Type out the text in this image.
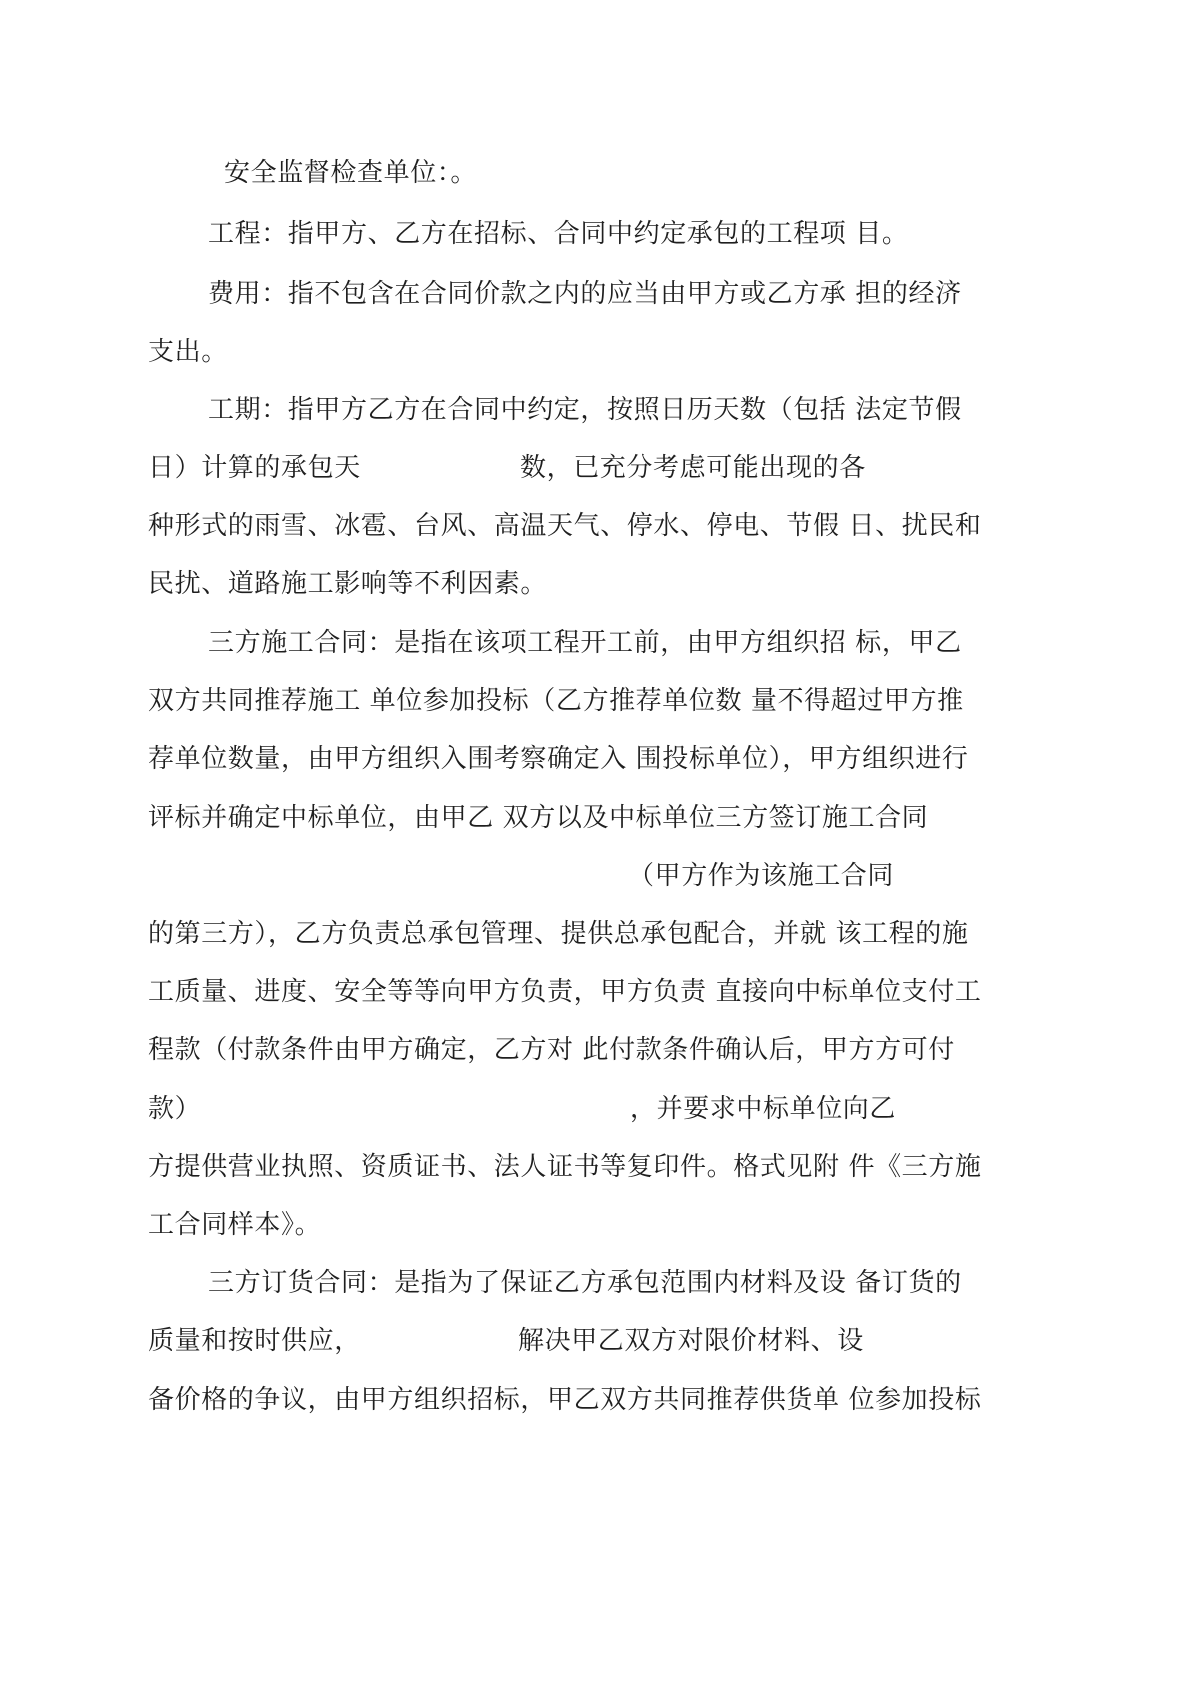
安全监督检查单位：。
工程：指甲方、乙方在招标、合同中约定承包的工程项 目。
费用：指不包含在合同价款之内的应当由甲方或乙方承 担的经济
支出。
工期：指甲方乙方在合同中约定，按照日历天数（包括 法定节假
日）计算的承包天	数，已充分考虑可能出现的各
种形式的雨雪、冰雹、台风、高温天气、停水、停电、节假 日、扰民和
民扰、道路施工影响等不利因素。
三方施工合同：是指在该项工程开工前，由甲方组织招 标，甲乙
双方共同推荐施工 单位参加投标（乙方推荐单位数 量不得超过甲方推
荐单位数量，由甲方组织入围考察确定入 围投标单位），甲方组织进行
评标并确定中标单位，由甲乙 双方以及中标单位三方签订施工合同
（甲方作为该施工合同
的第三方），乙方负责总承包管理、提供总承包配合，并就 该工程的施
工质量、进度、安全等等向甲方负责，甲方负责 直接向中标单位支付工
程款（付款条件由甲方确定，乙方对 此付款条件确认后，甲方方可付
款）	，并要求中标单位向乙
方提供营业执照、资质证书、法人证书等复印件。格式见附 件《三方施
工合同样本》。
三方订货合同：是指为了保证乙方承包范围内材料及设 备订货的
质量和按时供应，	解决甲乙双方对限价材料、设
备价格的争议，由甲方组织招标，甲乙双方共同推荐供货单 位参加投标
